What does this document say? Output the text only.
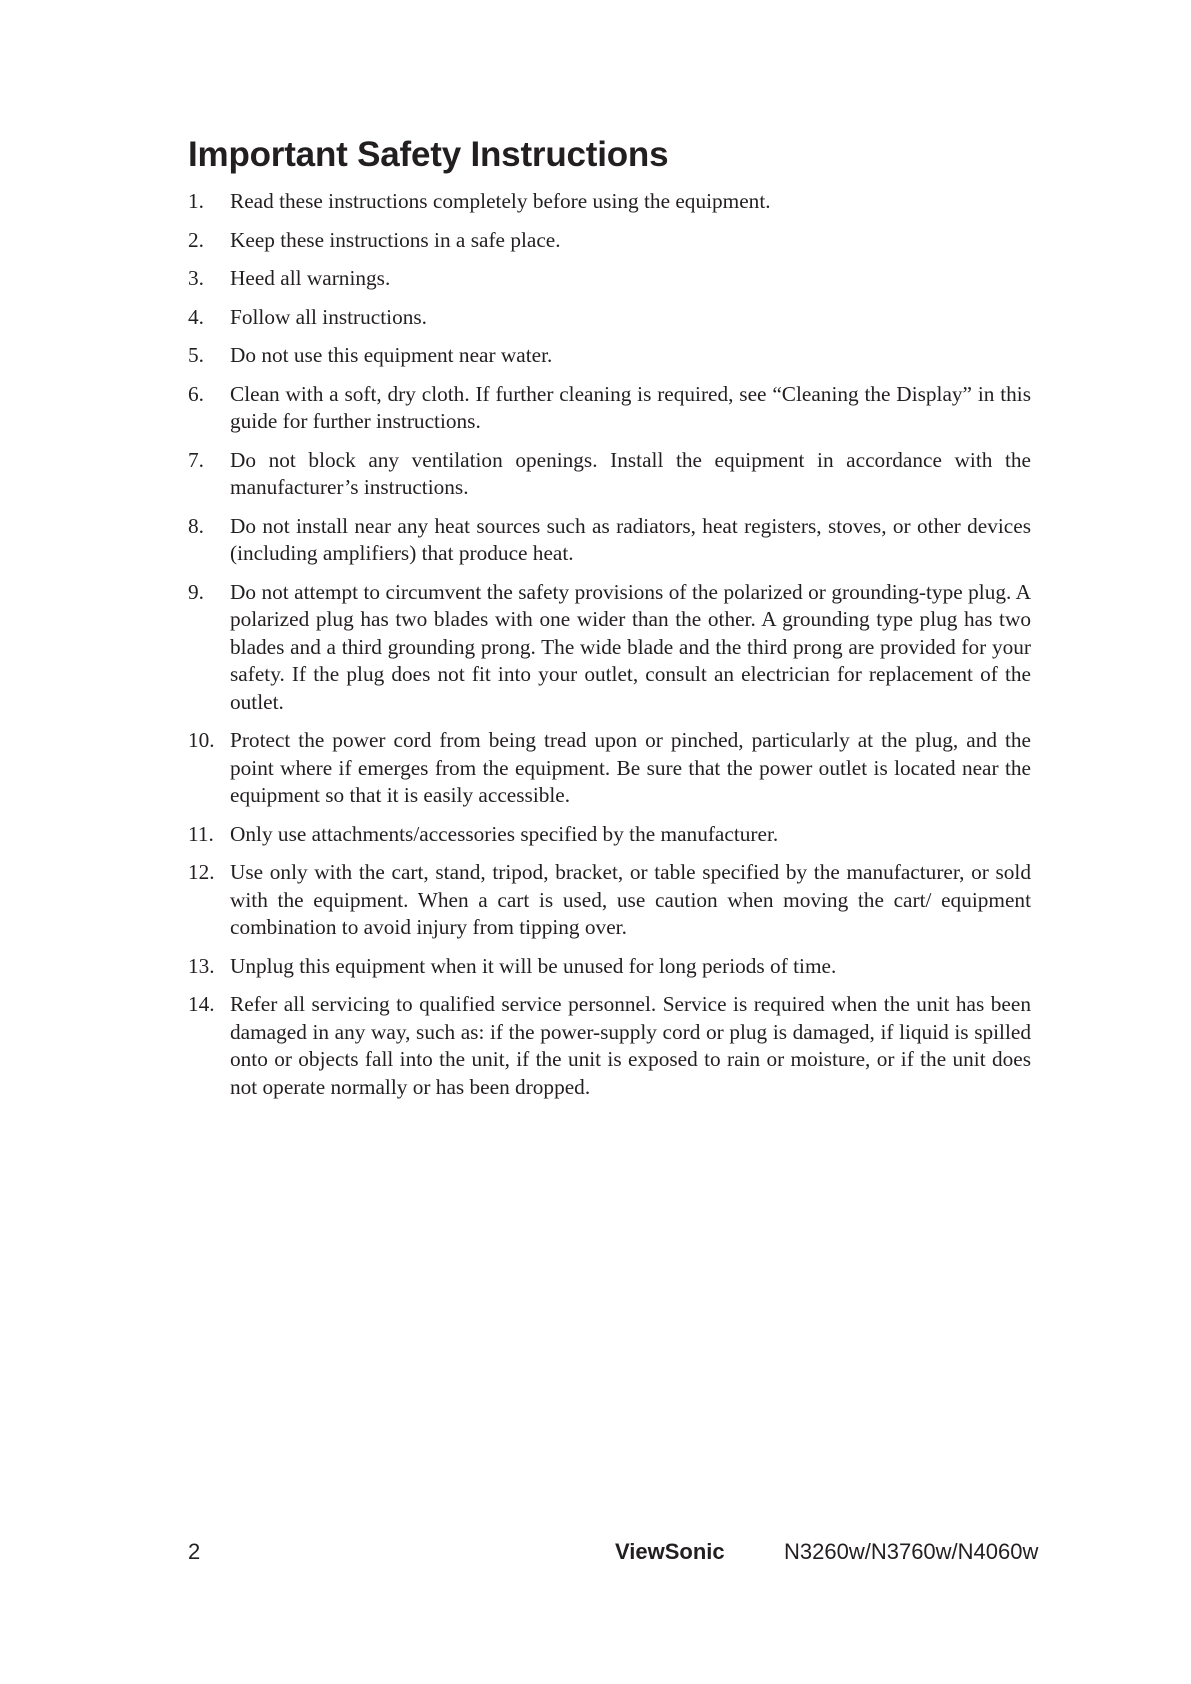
Important Safety Instructions
1. Read these instructions completely before using the equipment.
2. Keep these instructions in a safe place.
3. Heed all warnings.
4. Follow all instructions.
5. Do not use this equipment near water.
6. Clean with a soft, dry cloth. If further cleaning is required, see “Cleaning the Display” in this guide for further instructions.
7. Do not block any ventilation openings. Install the equipment in accordance with the manufacturer’s instructions.
8. Do not install near any heat sources such as radiators, heat registers, stoves, or other devices (including amplifiers) that produce heat.
9. Do not attempt to circumvent the safety provisions of the polarized or grounding-type plug. A polarized plug has two blades with one wider than the other. A grounding type plug has two blades and a third grounding prong. The wide blade and the third prong are provided for your safety. If the plug does not fit into your outlet, consult an electrician for replacement of the outlet.
10. Protect the power cord from being tread upon or pinched, particularly at the plug, and the point where if emerges from the equipment. Be sure that the power outlet is located near the equipment so that it is easily accessible.
11. Only use attachments/accessories specified by the manufacturer.
12. Use only with the cart, stand, tripod, bracket, or table specified by the manufacturer, or sold with the equipment. When a cart is used, use caution when moving the cart/ equipment combination to avoid injury from tipping over.
13. Unplug this equipment when it will be unused for long periods of time.
14. Refer all servicing to qualified service personnel. Service is required when the unit has been damaged in any way, such as: if the power-supply cord or plug is damaged, if liquid is spilled onto or objects fall into the unit, if the unit is exposed to rain or moisture, or if the unit does not operate normally or has been dropped.
2	ViewSonic	N3260w/N3760w/N4060w
